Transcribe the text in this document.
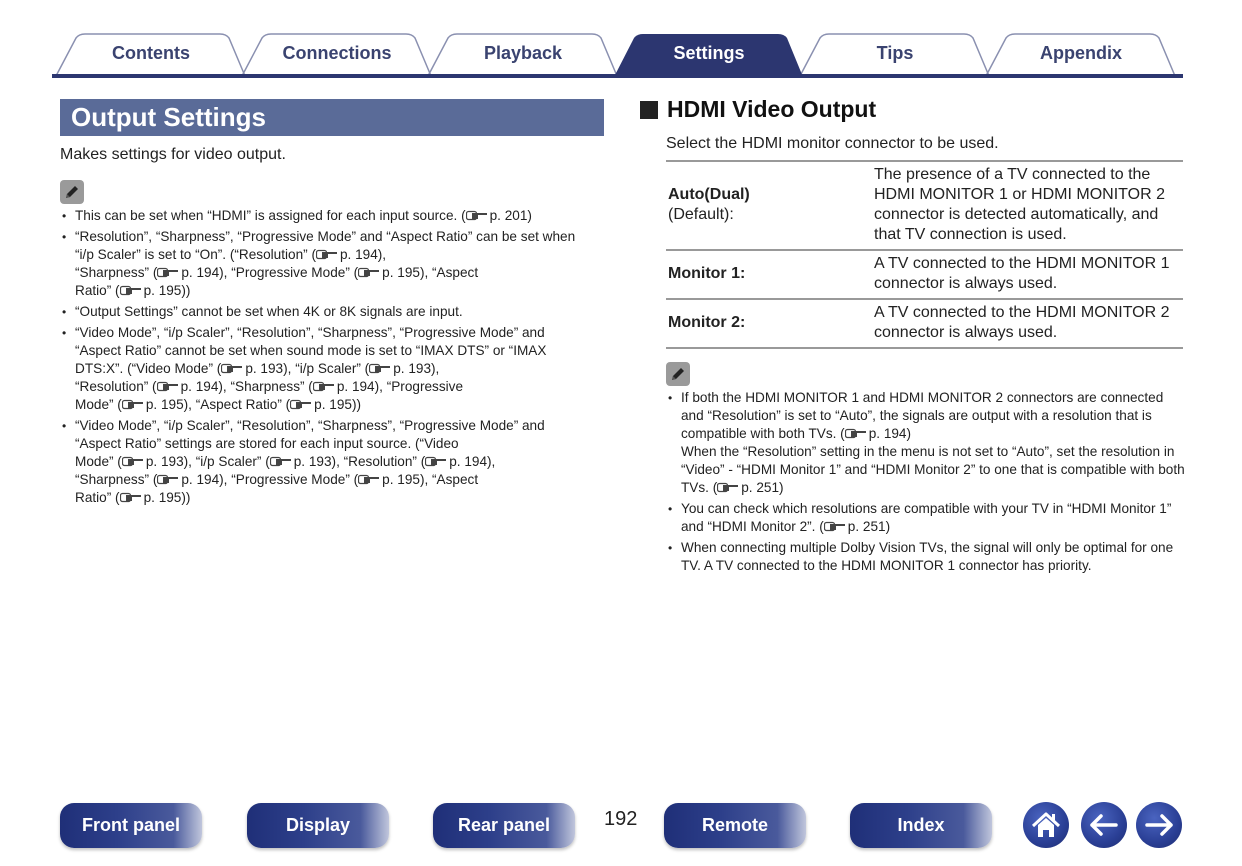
Contents	Connections	Playback	Settings	Tips	Appendix
Output Settings
Makes settings for video output.
• This can be set when “HDMI” is assigned for each input source. ( p. 201)
• “Resolution”, “Sharpness”, “Progressive Mode” and “Aspect Ratio” can be set when “i/p Scaler” is set to “On”. (“Resolution” ( p. 194),
“Sharpness” ( p. 194), “Progressive Mode” ( p. 195), “Aspect
Ratio” ( p. 195))
• “Output Settings” cannot be set when 4K or 8K signals are input.
• “Video Mode”, “i/p Scaler”, “Resolution”, “Sharpness”, “Progressive Mode” and “Aspect Ratio” cannot be set when sound mode is set to “IMAX DTS” or “IMAX DTS:X”. (“Video Mode” ( p. 193), “i/p Scaler” ( p. 193),
“Resolution” ( p. 194), “Sharpness” ( p. 194), “Progressive
Mode” ( p. 195), “Aspect Ratio” ( p. 195))
• “Video Mode”, “i/p Scaler”, “Resolution”, “Sharpness”, “Progressive Mode” and “Aspect Ratio” settings are stored for each input source. (“Video
Mode” ( p. 193), “i/p Scaler” ( p. 193), “Resolution” ( p. 194),
“Sharpness” ( p. 194), “Progressive Mode” ( p. 195), “Aspect
Ratio” ( p. 195))
HDMI Video Output
Select the HDMI monitor connector to be used.
Auto(Dual)
(Default):	The presence of a TV connected to the HDMI MONITOR 1 or HDMI MONITOR 2 connector is detected automatically, and that TV connection is used.
Monitor 1:	A TV connected to the HDMI MONITOR 1 connector is always used.
Monitor 2:	A TV connected to the HDMI MONITOR 2 connector is always used.
• If both the HDMI MONITOR 1 and HDMI MONITOR 2 connectors are connected and “Resolution” is set to “Auto”, the signals are output with a resolution that is compatible with both TVs. ( p. 194)
When the “Resolution” setting in the menu is not set to “Auto”, set the resolution in “Video” - “HDMI Monitor 1” and “HDMI Monitor 2” to one that is compatible with both TVs. ( p. 251)
• You can check which resolutions are compatible with your TV in “HDMI Monitor 1” and “HDMI Monitor 2”. ( p. 251)
• When connecting multiple Dolby Vision TVs, the signal will only be optimal for one TV. A TV connected to the HDMI MONITOR 1 connector has priority.
Front panel	Display	Rear panel	192	Remote	Index
